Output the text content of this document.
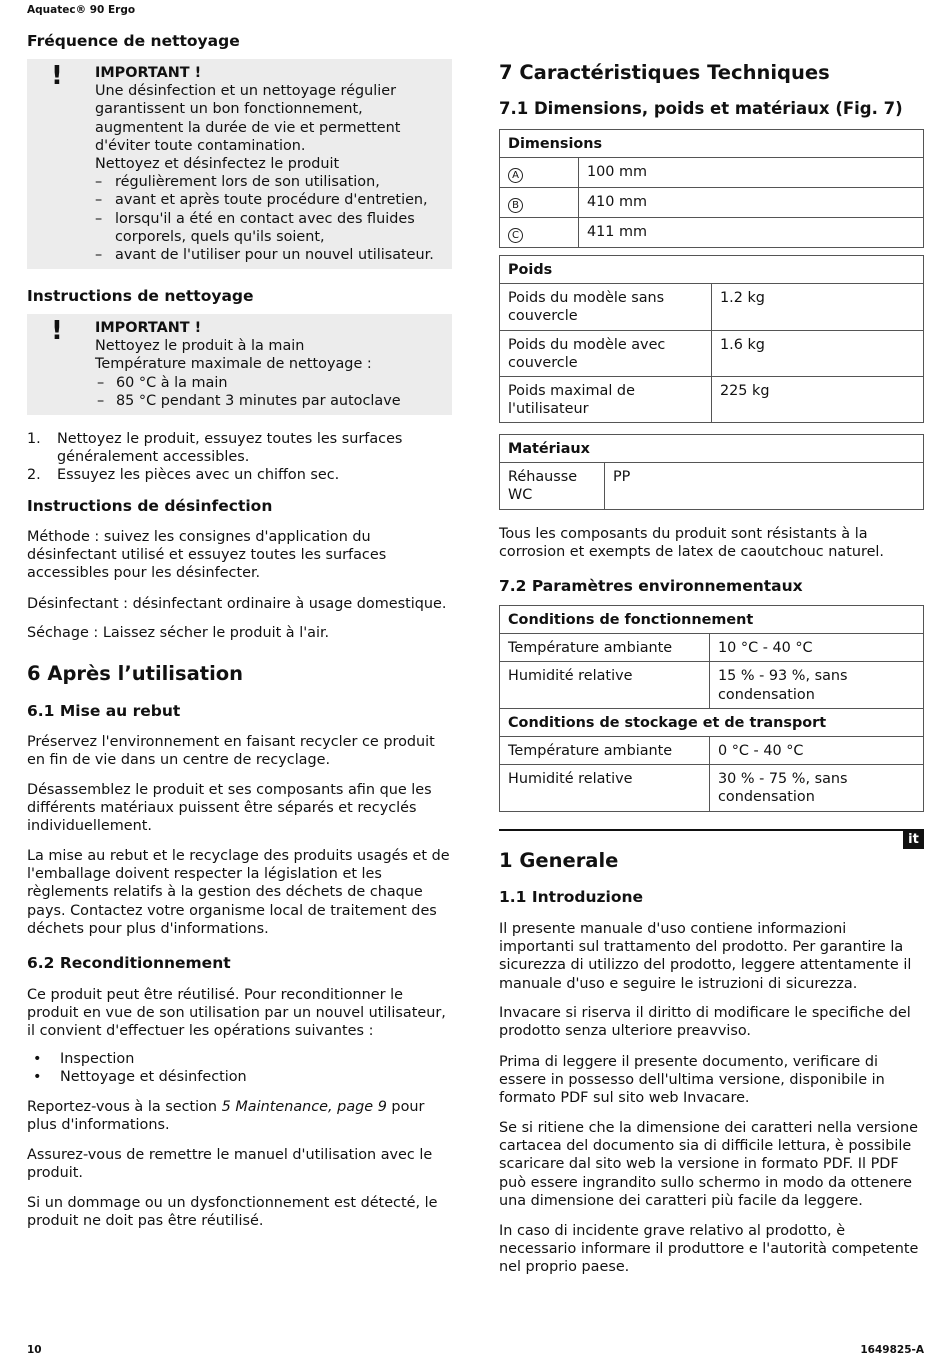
Aquatec® 90 Ergo
Fréquence de nettoyage
! IMPORTANT !

Une désinfection et un nettoyage régulier garantissent un bon fonctionnement, augmentent la durée de vie et permettent d'éviter toute contamination.

Nettoyez et désinfectez le produit

– régulièrement lors de son utilisation,

– avant et après toute procédure d'entretien,

– lorsqu'il a été en contact avec des fluides corporels, quels qu'ils soient,

– avant de l'utiliser pour un nouvel utilisateur.

Instructions de nettoyage
! IMPORTANT !

Nettoyez le produit à la main

Température maximale de nettoyage :

– 60 °C à la main

– 85 °C pendant 3 minutes par autoclave

1. Nettoyez le produit, essuyez toutes les surfaces généralement accessibles.

2. Essuyez les pièces avec un chiffon sec.

Instructions de désinfection

Méthode : suivez les consignes d'application du désinfectant utilisé et essuyez toutes les surfaces accessibles pour les désinfecter.

Désinfectant : désinfectant ordinaire à usage domestique.

Séchage : Laissez sécher le produit à l'air.

6 Après l’utilisation
6.1 Mise au rebut

Préservez l'environnement en faisant recycler ce produit en fin de vie dans un centre de recyclage.

Désassemblez le produit et ses composants afin que les différents matériaux puissent être séparés et recyclés individuellement.

La mise au rebut et le recyclage des produits usagés et de l'emballage doivent respecter la législation et les règlements relatifs à la gestion des déchets de chaque pays. Contactez votre organisme local de traitement des déchets pour plus d'informations.

6.2 Reconditionnement

Ce produit peut être réutilisé. Pour reconditionner le produit en vue de son utilisation par un nouvel utilisateur, il convient d'effectuer les opérations suivantes :

• Inspection

• Nettoyage et désinfection

Reportez-vous à la section 5 Maintenance, page 9 pour plus d'informations.

Assurez-vous de remettre le manuel d'utilisation avec le produit.

Si un dommage ou un dysfonctionnement est détecté, le produit ne doit pas être réutilisé.

7 Caractéristiques Techniques
7.1 Dimensions, poids et matériaux (Fig. 7)
Dimensions	
A	100 mm
B	410 mm
C	411 mm
Poids	
Poids du modèle sans couvercle	1.2 kg
Poids du modèle avec couvercle	1.6 kg
Poids maximal de l'utilisateur	225 kg
Matériaux
Réhausse WC	PP

Tous les composants du produit sont résistants à la corrosion et exempts de latex de caoutchouc naturel.

7.2 Paramètres environnementaux
Conditions de fonctionnement	
Température ambiante	10 °C - 40 °C
Humidité relative	15 % - 93 %, sans condensation
Conditions de stockage et de transport	
Température ambiante	0 °C - 40 °C
Humidité relative	30 % - 75 %, sans condensation
it
1 Generale
1.1 Introduzione

Il presente manuale d'uso contiene informazioni importanti sul trattamento del prodotto. Per garantire la sicurezza di utilizzo del prodotto, leggere attentamente il manuale d'uso e seguire le istruzioni di sicurezza.

Invacare si riserva il diritto di modificare le specifiche del prodotto senza ulteriore preavviso.

Prima di leggere il presente documento, verificare di essere in possesso dell'ultima versione, disponibile in formato PDF sul sito web Invacare.

Se si ritiene che la dimensione dei caratteri nella versione cartacea del documento sia di difficile lettura, è possibile scaricare dal sito web la versione in formato PDF. Il PDF può essere ingrandito sullo schermo in modo da ottenere una dimensione dei caratteri più facile da leggere.

In caso di incidente grave relativo al prodotto, è necessario informare il produttore e l'autorità competente nel proprio paese.

10	1649825-A
